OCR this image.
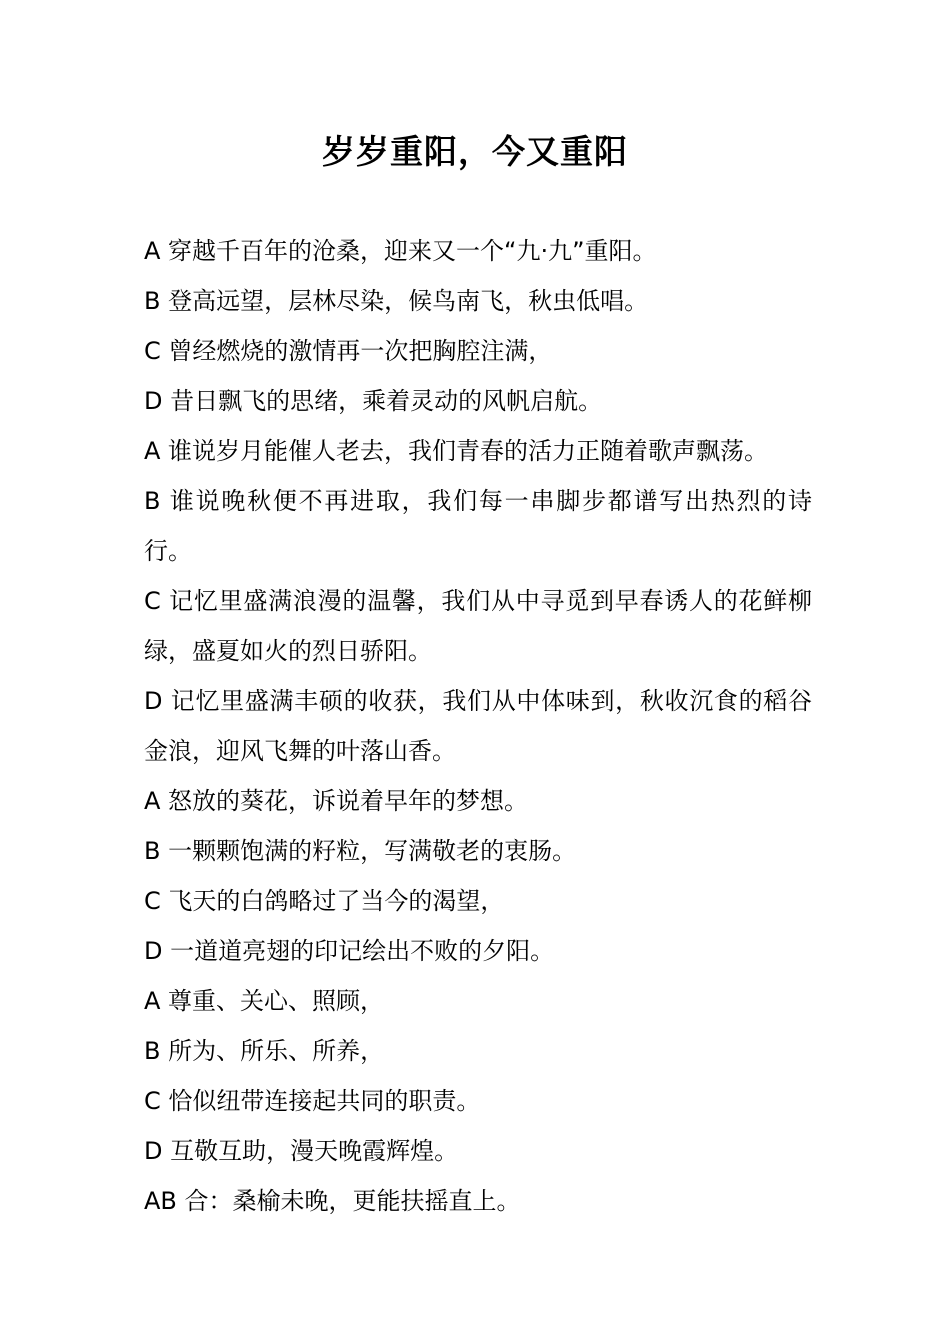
岁岁重阳，今又重阳

A 穿越千百年的沧桑，迎来又一个“九·九”重阳。

B 登高远望，层林尽染，候鸟南飞，秋虫低唱。

C 曾经燃烧的激情再一次把胸腔注满，

D 昔日飘飞的思绪，乘着灵动的风帆启航。

A 谁说岁月能催人老去，我们青春的活力正随着歌声飘荡。

B 谁说晚秋便不再进取，我们每一串脚步都谱写出热烈的诗行。

C 记忆里盛满浪漫的温馨，我们从中寻觅到早春诱人的花鲜柳绿，盛夏如火的烈日骄阳。

D 记忆里盛满丰硕的收获，我们从中体味到，秋收沉食的稻谷金浪，迎风飞舞的叶落山香。

A 怒放的葵花，诉说着早年的梦想。

B 一颗颗饱满的籽粒，写满敬老的衷肠。

C 飞天的白鸽略过了当今的渴望，

D 一道道亮翅的印记绘出不败的夕阳。

A 尊重、关心、照顾，

B 所为、所乐、所养，

C 恰似纽带连接起共同的职责。

D 互敬互助，漫天晚霞辉煌。

AB 合：桑榆未晚，更能扶摇直上。
